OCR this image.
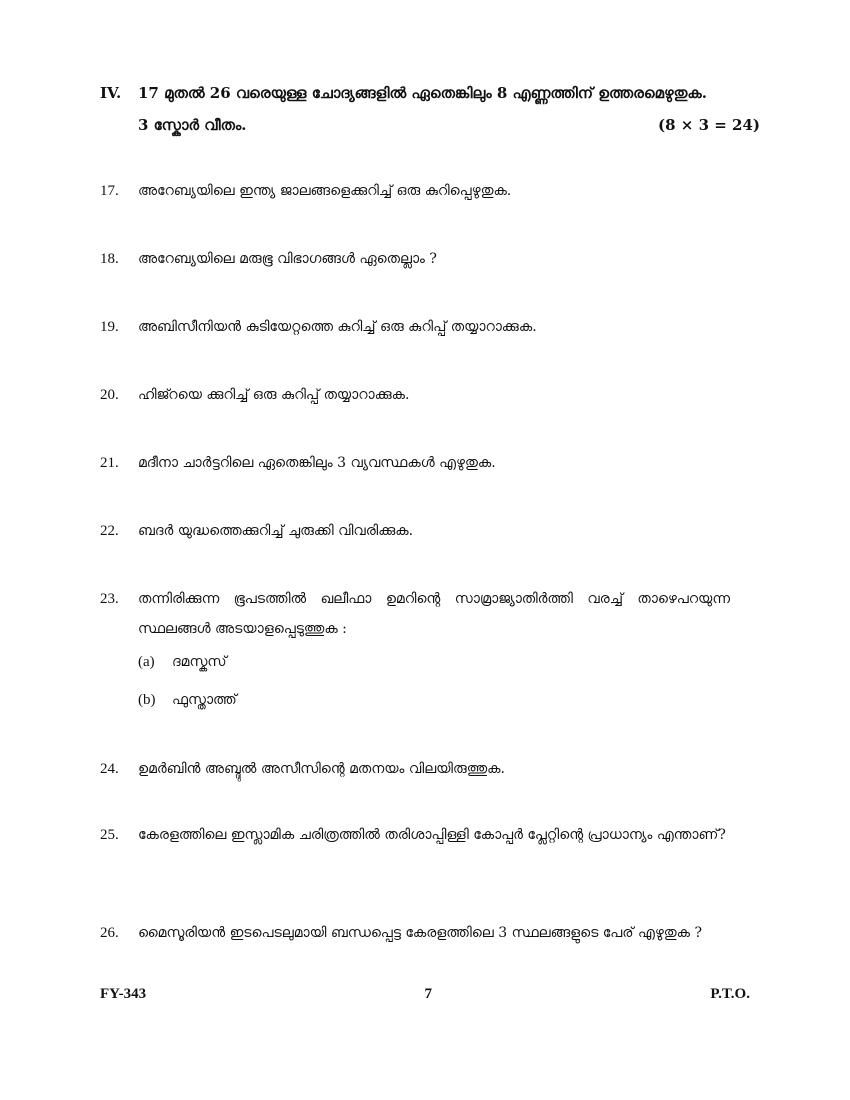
IV.	17 മുതൽ 26 വരെയുള്ള ചോദ്യങ്ങളിൽ ഏതെങ്കിലും 8 എണ്ണത്തിന് ഉത്തരമെഴുതുക.
3 സ്കോർ വീതം.	(8 × 3 = 24)
17.	അറേബ്യയിലെ ഇന്ത്യ ജാലങ്ങളെക്കുറിച്ച് ഒരു കുറിപ്പെഴുതുക.
18.	അറേബ്യയിലെ മരുഭൂ വിഭാഗങ്ങൾ ഏതെല്ലാം ?
19.	അബിസീനിയൻ കുടിയേറ്റത്തെ കുറിച്ച് ഒരു കുറിപ്പ് തയ്യാറാക്കുക.
20.	ഹിജ്റയെ ക്കുറിച്ച് ഒരു കുറിപ്പ് തയ്യാറാക്കുക.
21.	മദീനാ ചാർട്ടറിലെ ഏതെങ്കിലും 3 വ്യവസ്ഥകൾ എഴുതുക.
22.	ബദർ യുദ്ധത്തെക്കുറിച്ച് ചുരുക്കി വിവരിക്കുക.
23.	തന്നിരിക്കുന്ന ഭൂപടത്തിൽ ഖലീഫാ ഉമറിന്റെ സാമ്രാജ്യാതിർത്തി വരച്ച് താഴെപറയുന്ന സ്ഥലങ്ങൾ അടയാളപ്പെടുത്തുക :
(a)	ദമസ്കസ്
(b)	ഫുസ്താത്ത്
24.	ഉമർബിൻ അബ്ദുൽ അസീസിന്റെ മതനയം വിലയിരുത്തുക.
25.	കേരളത്തിലെ ഇസ്ലാമിക ചരിത്രത്തിൽ തരിശാപ്പിള്ളി കോപ്പർ പ്ലേറ്റിന്റെ പ്രാധാന്യം എന്താണ്?
26.	മൈസൂരിയൻ ഇടപെടലുമായി ബന്ധപ്പെട്ട കേരളത്തിലെ 3 സ്ഥലങ്ങളുടെ പേര് എഴുതുക ?
FY-343	7	P.T.O.
